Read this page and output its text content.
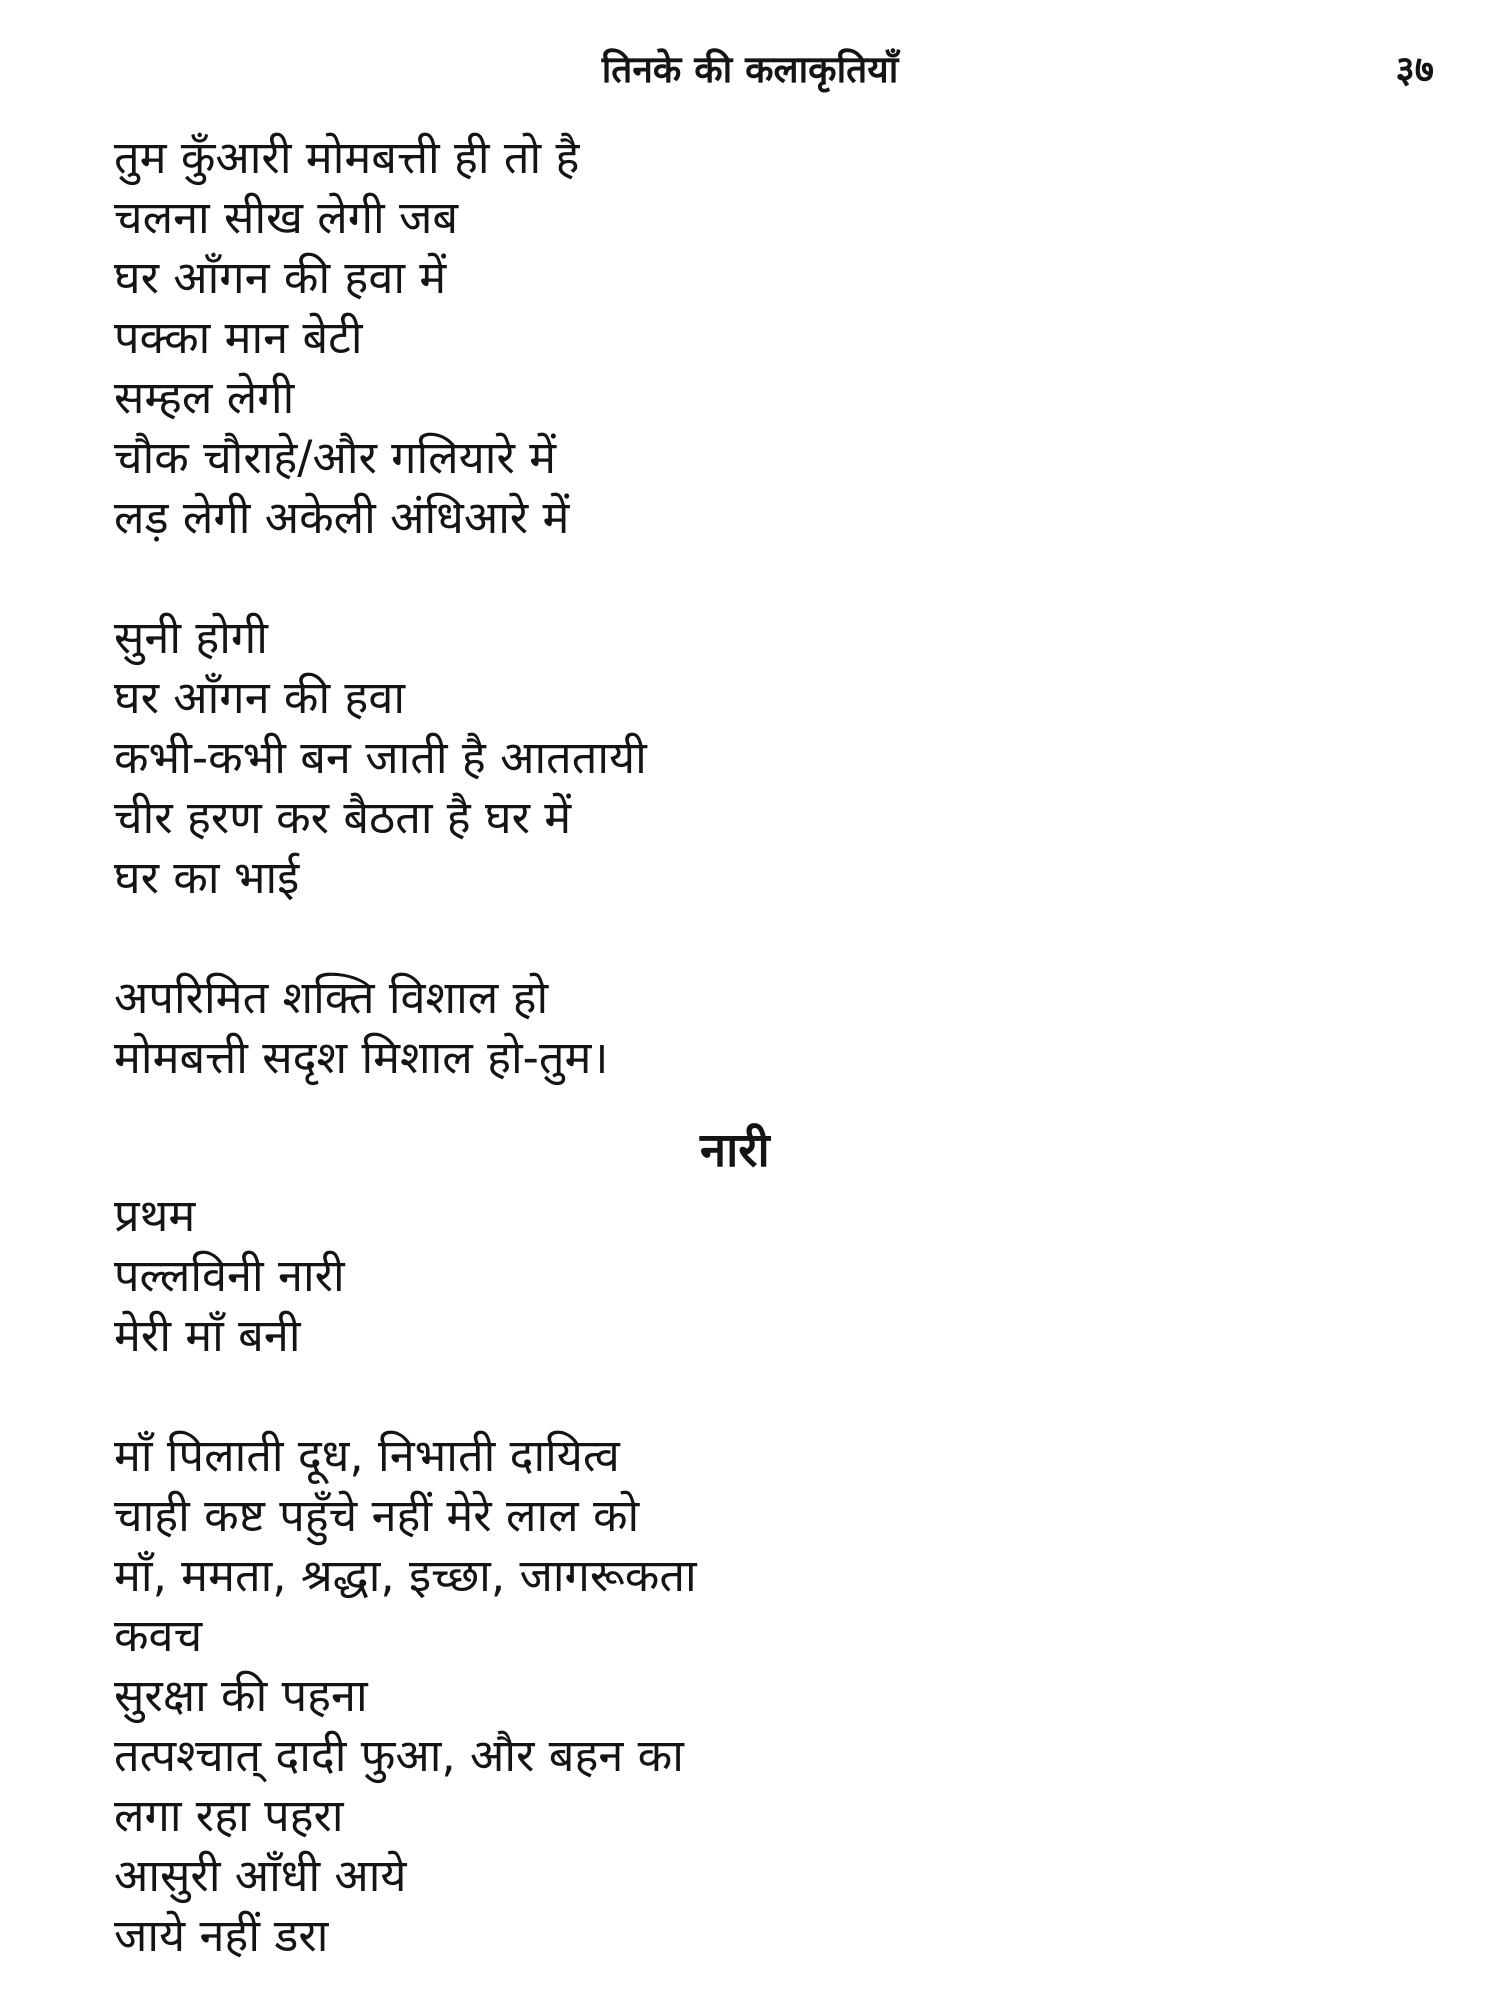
तिनके की कलाकृतियाँ	३७
तुम कुँआरी मोमबत्ती ही तो है
चलना सीख लेगी जब
घर आँगन की हवा में
पक्का मान बेटी
सम्हल लेगी
चौक चौराहे/और गलियारे में
लड़ लेगी अकेली अंधिआरे में
सुनी होगी
घर आँगन की हवा
कभी-कभी बन जाती है आततायी
चीर हरण कर बैठता है घर में
घर का भाई
अपरिमित शक्ति विशाल हो
मोमबत्ती सदृश मिशाल हो-तुम।
नारी
प्रथम
पल्लविनी नारी
मेरी माँ बनी
माँ पिलाती दूध, निभाती दायित्व
चाही कष्ट पहुँचे नहीं मेरे लाल को
माँ, ममता, श्रद्धा, इच्छा, जागरूकता
कवच
सुरक्षा की पहना
तत्पश्चात् दादी फुआ, और बहन का
लगा रहा पहरा
आसुरी आँधी आये
जाये नहीं डरा
